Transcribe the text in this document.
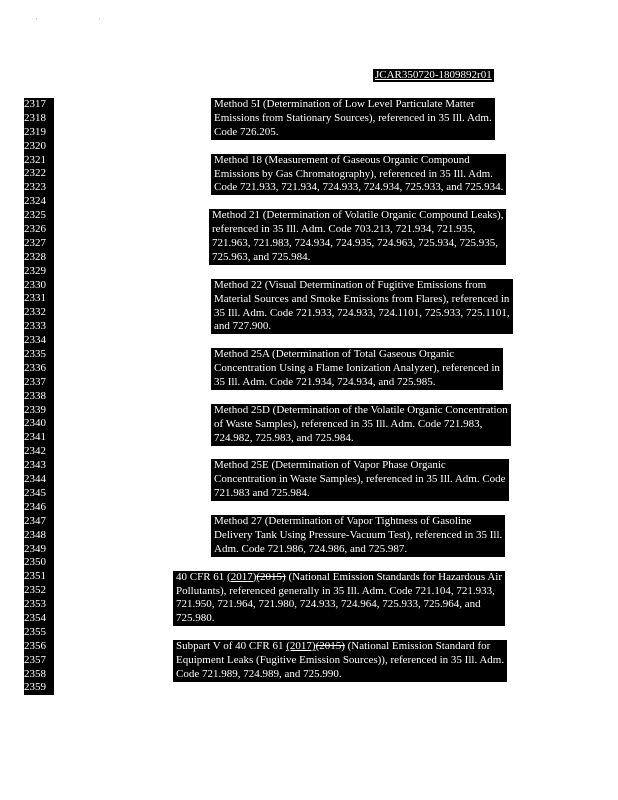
' '
JCAR350720-1809892r01
2317
2318
2319
2320
2321
2322
2323
2324
2325
2326
2327
2328
2329
2330
2331
2332
2333
2334
2335
2336
2337
2338
2339
2340
2341
2342
2343
2344
2345
2346
2347
2348
2349
2350
2351
2352
2353
2354
2355
2356
2357
2358
2359
Method 5I (Determination of Low Level Particulate Matter
Emissions from Stationary Sources), referenced in 35 Ill. Adm.
Code 726.205.
Method 18 (Measurement of Gaseous Organic Compound
Emissions by Gas Chromatography), referenced in 35 Ill. Adm.
Code 721.933, 721.934, 724.933, 724.934, 725.933, and 725.934.
Method 21 (Determination of Volatile Organic Compound Leaks),
referenced in 35 Ill. Adm. Code 703.213, 721.934, 721.935,
721.963, 721.983, 724.934, 724.935, 724.963, 725.934, 725.935,
725.963, and 725.984.
Method 22 (Visual Determination of Fugitive Emissions from
Material Sources and Smoke Emissions from Flares), referenced in
35 Ill. Adm. Code 721.933, 724.933, 724.1101, 725.933, 725.1101,
and 727.900.
Method 25A (Determination of Total Gaseous Organic
Concentration Using a Flame Ionization Analyzer), referenced in
35 Ill. Adm. Code 721.934, 724.934, and 725.985.
Method 25D (Determination of the Volatile Organic Concentration
of Waste Samples), referenced in 35 Ill. Adm. Code 721.983,
724.982, 725.983, and 725.984.
Method 25E (Determination of Vapor Phase Organic
Concentration in Waste Samples), referenced in 35 Ill. Adm. Code
721.983 and 725.984.
Method 27 (Determination of Vapor Tightness of Gasoline
Delivery Tank Using Pressure-Vacuum Test), referenced in 35 Ill.
Adm. Code 721.986, 724.986, and 725.987.
40 CFR 61 (2017)(2015) (National Emission Standards for Hazardous Air
Pollutants), referenced generally in 35 Ill. Adm. Code 721.104, 721.933,
721.950, 721.964, 721.980, 724.933, 724.964, 725.933, 725.964, and
725.980.
Subpart V of 40 CFR 61 (2017)(2015) (National Emission Standard for
Equipment Leaks (Fugitive Emission Sources)), referenced in 35 Ill. Adm.
Code 721.989, 724.989, and 725.990.
